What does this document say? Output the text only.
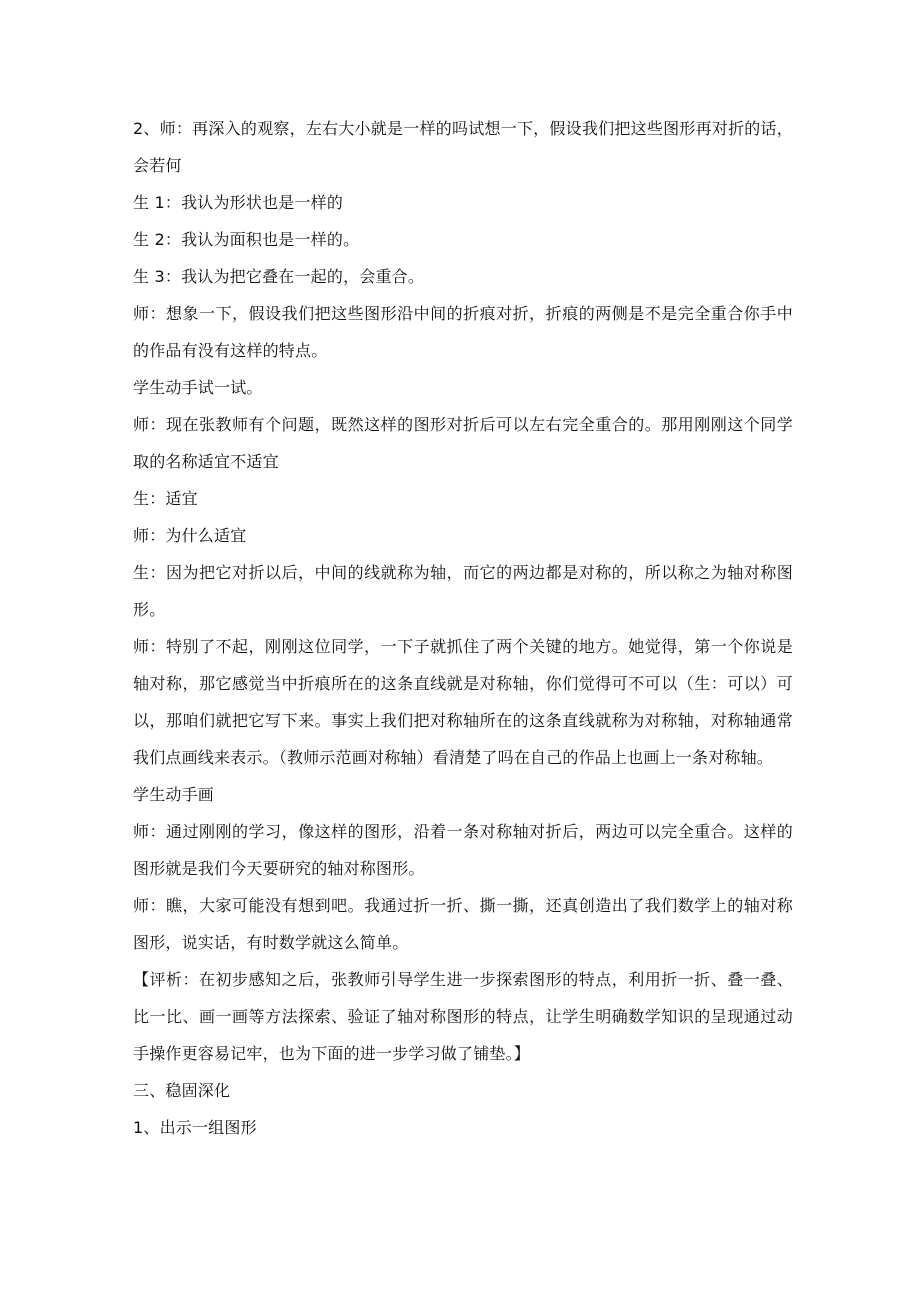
2、师：再深入的观察，左右大小就是一样的吗试想一下，假设我们把这些图形再对折的话，会若何

生 1：我认为形状也是一样的

生 2：我认为面积也是一样的。

生 3：我认为把它叠在一起的，会重合。

师：想象一下，假设我们把这些图形沿中间的折痕对折，折痕的两侧是不是完全重合你手中的作品有没有这样的特点。

学生动手试一试。

师：现在张教师有个问题，既然这样的图形对折后可以左右完全重合的。那用刚刚这个同学取的名称适宜不适宜

生：适宜

师：为什么适宜

生：因为把它对折以后，中间的线就称为轴，而它的两边都是对称的，所以称之为轴对称图形。

师：特别了不起，刚刚这位同学，一下子就抓住了两个关键的地方。她觉得，第一个你说是轴对称，那它感觉当中折痕所在的这条直线就是对称轴，你们觉得可不可以（生：可以）可以，那咱们就把它写下来。事实上我们把对称轴所在的这条直线就称为对称轴，对称轴通常我们点画线来表示。（教师示范画对称轴）看清楚了吗在自己的作品上也画上一条对称轴。

学生动手画

师：通过刚刚的学习，像这样的图形，沿着一条对称轴对折后，两边可以完全重合。这样的图形就是我们今天要研究的轴对称图形。

师：瞧，大家可能没有想到吧。我通过折一折、撕一撕，还真创造出了我们数学上的轴对称图形，说实话，有时数学就这么简单。

【评析：在初步感知之后，张教师引导学生进一步探索图形的特点，利用折一折、叠一叠、比一比、画一画等方法探索、验证了轴对称图形的特点，让学生明确数学知识的呈现通过动手操作更容易记牢，也为下面的进一步学习做了铺垫。】

三、稳固深化

1、出示一组图形
